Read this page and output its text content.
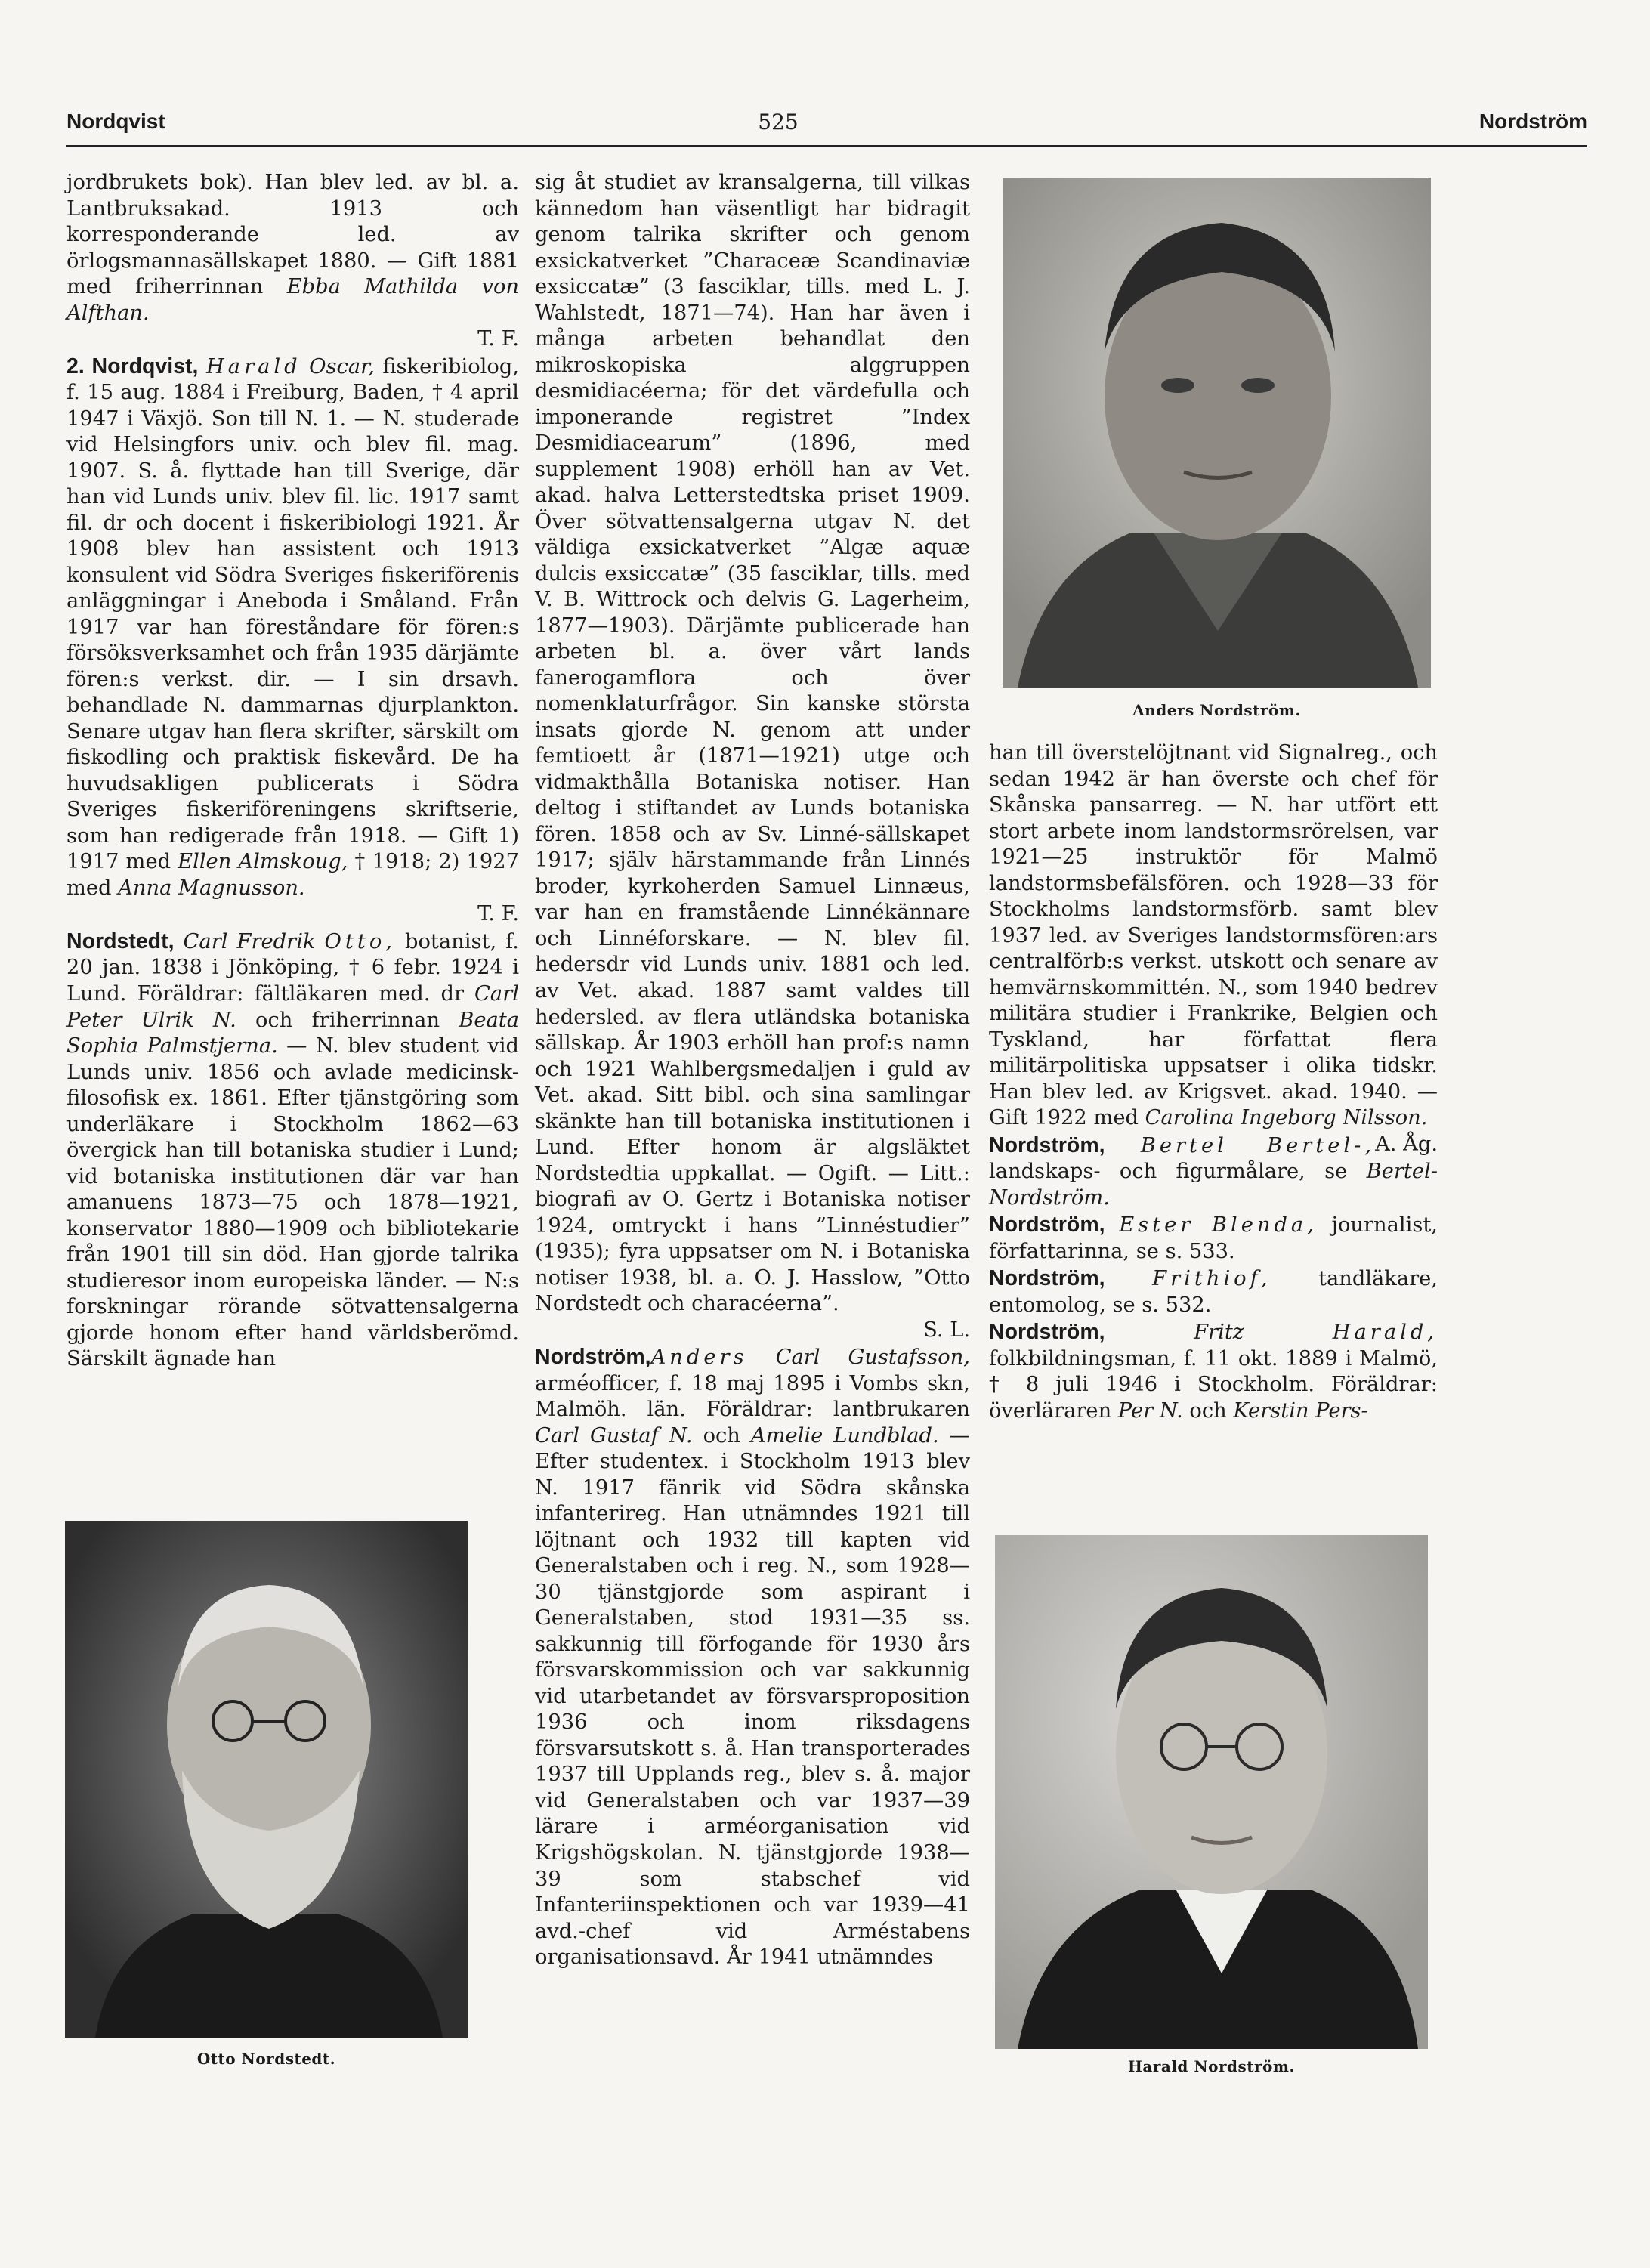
Nordqvist	525	Nordström

jordbrukets bok). Han blev led. av bl. a. Lantbruksakad. 1913 och korresponderande led. av örlogsmannasällskapet 1880. — Gift 1881 med friherrinnan Ebba Mathilda von Alfthan.

T. F.

2. Nordqvist, Harald Oscar, fiskeribiolog, f. 15 aug. 1884 i Freiburg, Baden, † 4 april 1947 i Växjö. Son till N. 1. — N. studerade vid Helsingfors univ. och blev fil. mag. 1907. S. å. flyttade han till Sverige, där han vid Lunds univ. blev fil. lic. 1917 samt fil. dr och docent i fiskeribiologi 1921. År 1908 blev han assistent och 1913 konsulent vid Södra Sveriges fiskeriförenis anläggningar i Aneboda i Småland. Från 1917 var han föreståndare för fören:s försöksverksamhet och från 1935 därjämte fören:s verkst. dir. — I sin drsavh. behandlade N. dammarnas djurplankton. Senare utgav han flera skrifter, särskilt om fiskodling och praktisk fiskevård. De ha huvudsakligen publicerats i Södra Sveriges fiskeriföreningens skriftserie, som han redigerade från 1918. — Gift 1) 1917 med Ellen Almskoug, † 1918; 2) 1927 med Anna Magnusson.

T. F.

Nordstedt, Carl Fredrik Otto, botanist, f. 20 jan. 1838 i Jönköping, † 6 febr. 1924 i Lund. Föräldrar: fältläkaren med. dr Carl Peter Ulrik N. och friherrinnan Beata Sophia Palmstjerna. — N. blev student vid Lunds univ. 1856 och avlade medicinsk-filosofisk ex. 1861. Efter tjänstgöring som underläkare i Stockholm 1862—63 övergick han till botaniska studier i Lund; vid botaniska institutionen där var han amanuens 1873—75 och 1878—1921, konservator 1880—1909 och bibliotekarie från 1901 till sin död. Han gjorde talrika studieresor inom europeiska länder. — N:s forskningar rörande sötvattensalgerna gjorde honom efter hand världsberömd. Särskilt ägnade han

Otto Nordstedt.

sig åt studiet av kransalgerna, till vilkas kännedom han väsentligt har bidragit genom talrika skrifter och genom exsickatverket ”Characeæ Scandinaviæ exsiccatæ” (3 fasciklar, tills. med L. J. Wahlstedt, 1871—74). Han har även i många arbeten behandlat den mikroskopiska alggruppen desmidiacéerna; för det värdefulla och imponerande registret ”Index Desmidiacearum” (1896, med supplement 1908) erhöll han av Vet. akad. halva Letterstedtska priset 1909. Över sötvattensalgerna utgav N. det väldiga exsickatverket ”Algæ aquæ dulcis exsiccatæ” (35 fasciklar, tills. med V. B. Wittrock och delvis G. Lagerheim, 1877—1903). Därjämte publicerade han arbeten bl. a. över vårt lands fanerogamflora och över nomenklaturfrågor. Sin kanske största insats gjorde N. genom att under femtioett år (1871—1921) utge och vidmakthålla Botaniska notiser. Han deltog i stiftandet av Lunds botaniska fören. 1858 och av Sv. Linné-sällskapet 1917; själv härstammande från Linnés broder, kyrkoherden Samuel Linnæus, var han en framstående Linnékännare och Linnéforskare. — N. blev fil. hedersdr vid Lunds univ. 1881 och led. av Vet. akad. 1887 samt valdes till hedersled. av flera utländska botaniska sällskap. År 1903 erhöll han prof:s namn och 1921 Wahlbergsmedaljen i guld av Vet. akad. Sitt bibl. och sina samlingar skänkte han till botaniska institutionen i Lund. Efter honom är algsläktet Nordstedtia uppkallat. — Ogift. — Litt.: biografi av O. Gertz i Botaniska notiser 1924, omtryckt i hans ”Linnéstudier” (1935); fyra uppsatser om N. i Botaniska notiser 1938, bl. a. O. J. Hasslow, ”Otto Nordstedt och characéerna”.

S. L.

Nordström,Anders Carl Gustafsson, arméofficer, f. 18 maj 1895 i Vombs skn, Malmöh. län. Föräldrar: lantbrukaren Carl Gustaf N. och Amelie Lundblad. — Efter studentex. i Stockholm 1913 blev N. 1917 fänrik vid Södra skånska infanterireg. Han utnämndes 1921 till löjtnant och 1932 till kapten vid Generalstaben och i reg. N., som 1928—30 tjänstgjorde som aspirant i Generalstaben, stod 1931—35 ss. sakkunnig till förfogande för 1930 års försvarskommission och var sakkunnig vid utarbetandet av försvarsproposition 1936 och inom riksdagens försvarsutskott s. å. Han transporterades 1937 till Upplands reg., blev s. å. major vid Generalstaben och var 1937—39 lärare i arméorganisation vid Krigshögskolan. N. tjänstgjorde 1938—39 som stabschef vid Infanteriinspektionen och var 1939—41 avd.-chef vid Arméstabens organisationsavd. År 1941 utnämndes

Anders Nordström.

han till överstelöjtnant vid Signalreg., och sedan 1942 är han överste och chef för Skånska pansarreg. — N. har utfört ett stort arbete inom landstormsrörelsen, var 1921—25 instruktör för Malmö landstormsbefälsfören. och 1928—33 för Stockholms landstormsförb. samt blev 1937 led. av Sveriges landstormsfören:ars centralförb:s verkst. utskott och senare av hemvärnskommittén. N., som 1940 bedrev militära studier i Frankrike, Belgien och Tyskland, har författat flera militärpolitiska uppsatser i olika tidskr. Han blev led. av Krigsvet. akad. 1940. — Gift 1922 med Carolina Ingeborg Nilsson.
A. Åg.

Nordström, Bertel Bertel-, landskaps- och figurmålare, se Bertel-Nordström.

Nordström, Ester Blenda, journalist, författarinna, se s. 533.

Nordström, Frithiof, tandläkare, entomolog, se s. 532.

Nordström,	Fritz	Harald, folkbildningsman, f. 11 okt. 1889 i Malmö, † 8 juli 1946 i Stockholm. Föräldrar: överläraren Per N. och Kerstin Pers-

Harald Nordström.
